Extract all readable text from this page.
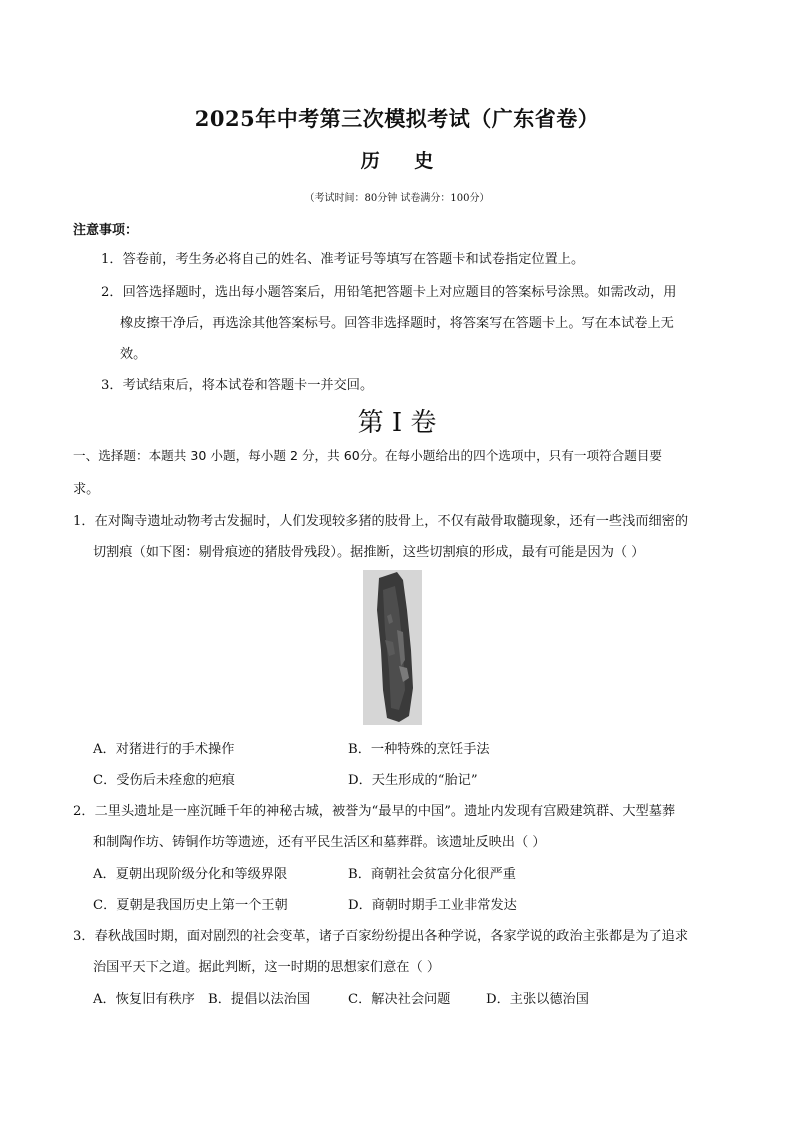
2025年中考第三次模拟考试（广东省卷）
历 史
（考试时间：80分钟 试卷满分：100分）
注意事项：
1．答卷前，考生务必将自己的姓名、准考证号等填写在答题卡和试卷指定位置上。
2．回答选择题时，选出每小题答案后，用铅笔把答题卡上对应题目的答案标号涂黑。如需改动，用
橡皮擦干净后，再选涂其他答案标号。回答非选择题时，将答案写在答题卡上。写在本试卷上无
效。
3．考试结束后，将本试卷和答题卡一并交回。
第 I 卷
一、选择题：本题共 30 小题，每小题 2 分，共 60分。在每小题给出的四个选项中，只有一项符合题目要
求。
1．在对陶寺遗址动物考古发掘时，人们发现较多猪的肢骨上，不仅有敲骨取髓现象，还有一些浅而细密的
切割痕（如下图：剔骨痕迹的猪肢骨残段）。据推断，这些切割痕的形成，最有可能是因为（ ）
A．对猪进行的手术操作	B．一种特殊的烹饪手法
C．受伤后未痊愈的疤痕	D．天生形成的“胎记”
2．二里头遗址是一座沉睡千年的神秘古城，被誉为“最早的中国”。遗址内发现有宫殿建筑群、大型墓葬
和制陶作坊、铸铜作坊等遗迹，还有平民生活区和墓葬群。该遗址反映出（ ）
A．夏朝出现阶级分化和等级界限	B．商朝社会贫富分化很严重
C．夏朝是我国历史上第一个王朝	D．商朝时期手工业非常发达
3．春秋战国时期，面对剧烈的社会变革，诸子百家纷纷提出各种学说，各家学说的政治主张都是为了追求
治国平天下之道。据此判断，这一时期的思想家们意在（ ）
A．恢复旧有秩序 B．提倡以法治国	C．解决社会问题	D．主张以德治国
